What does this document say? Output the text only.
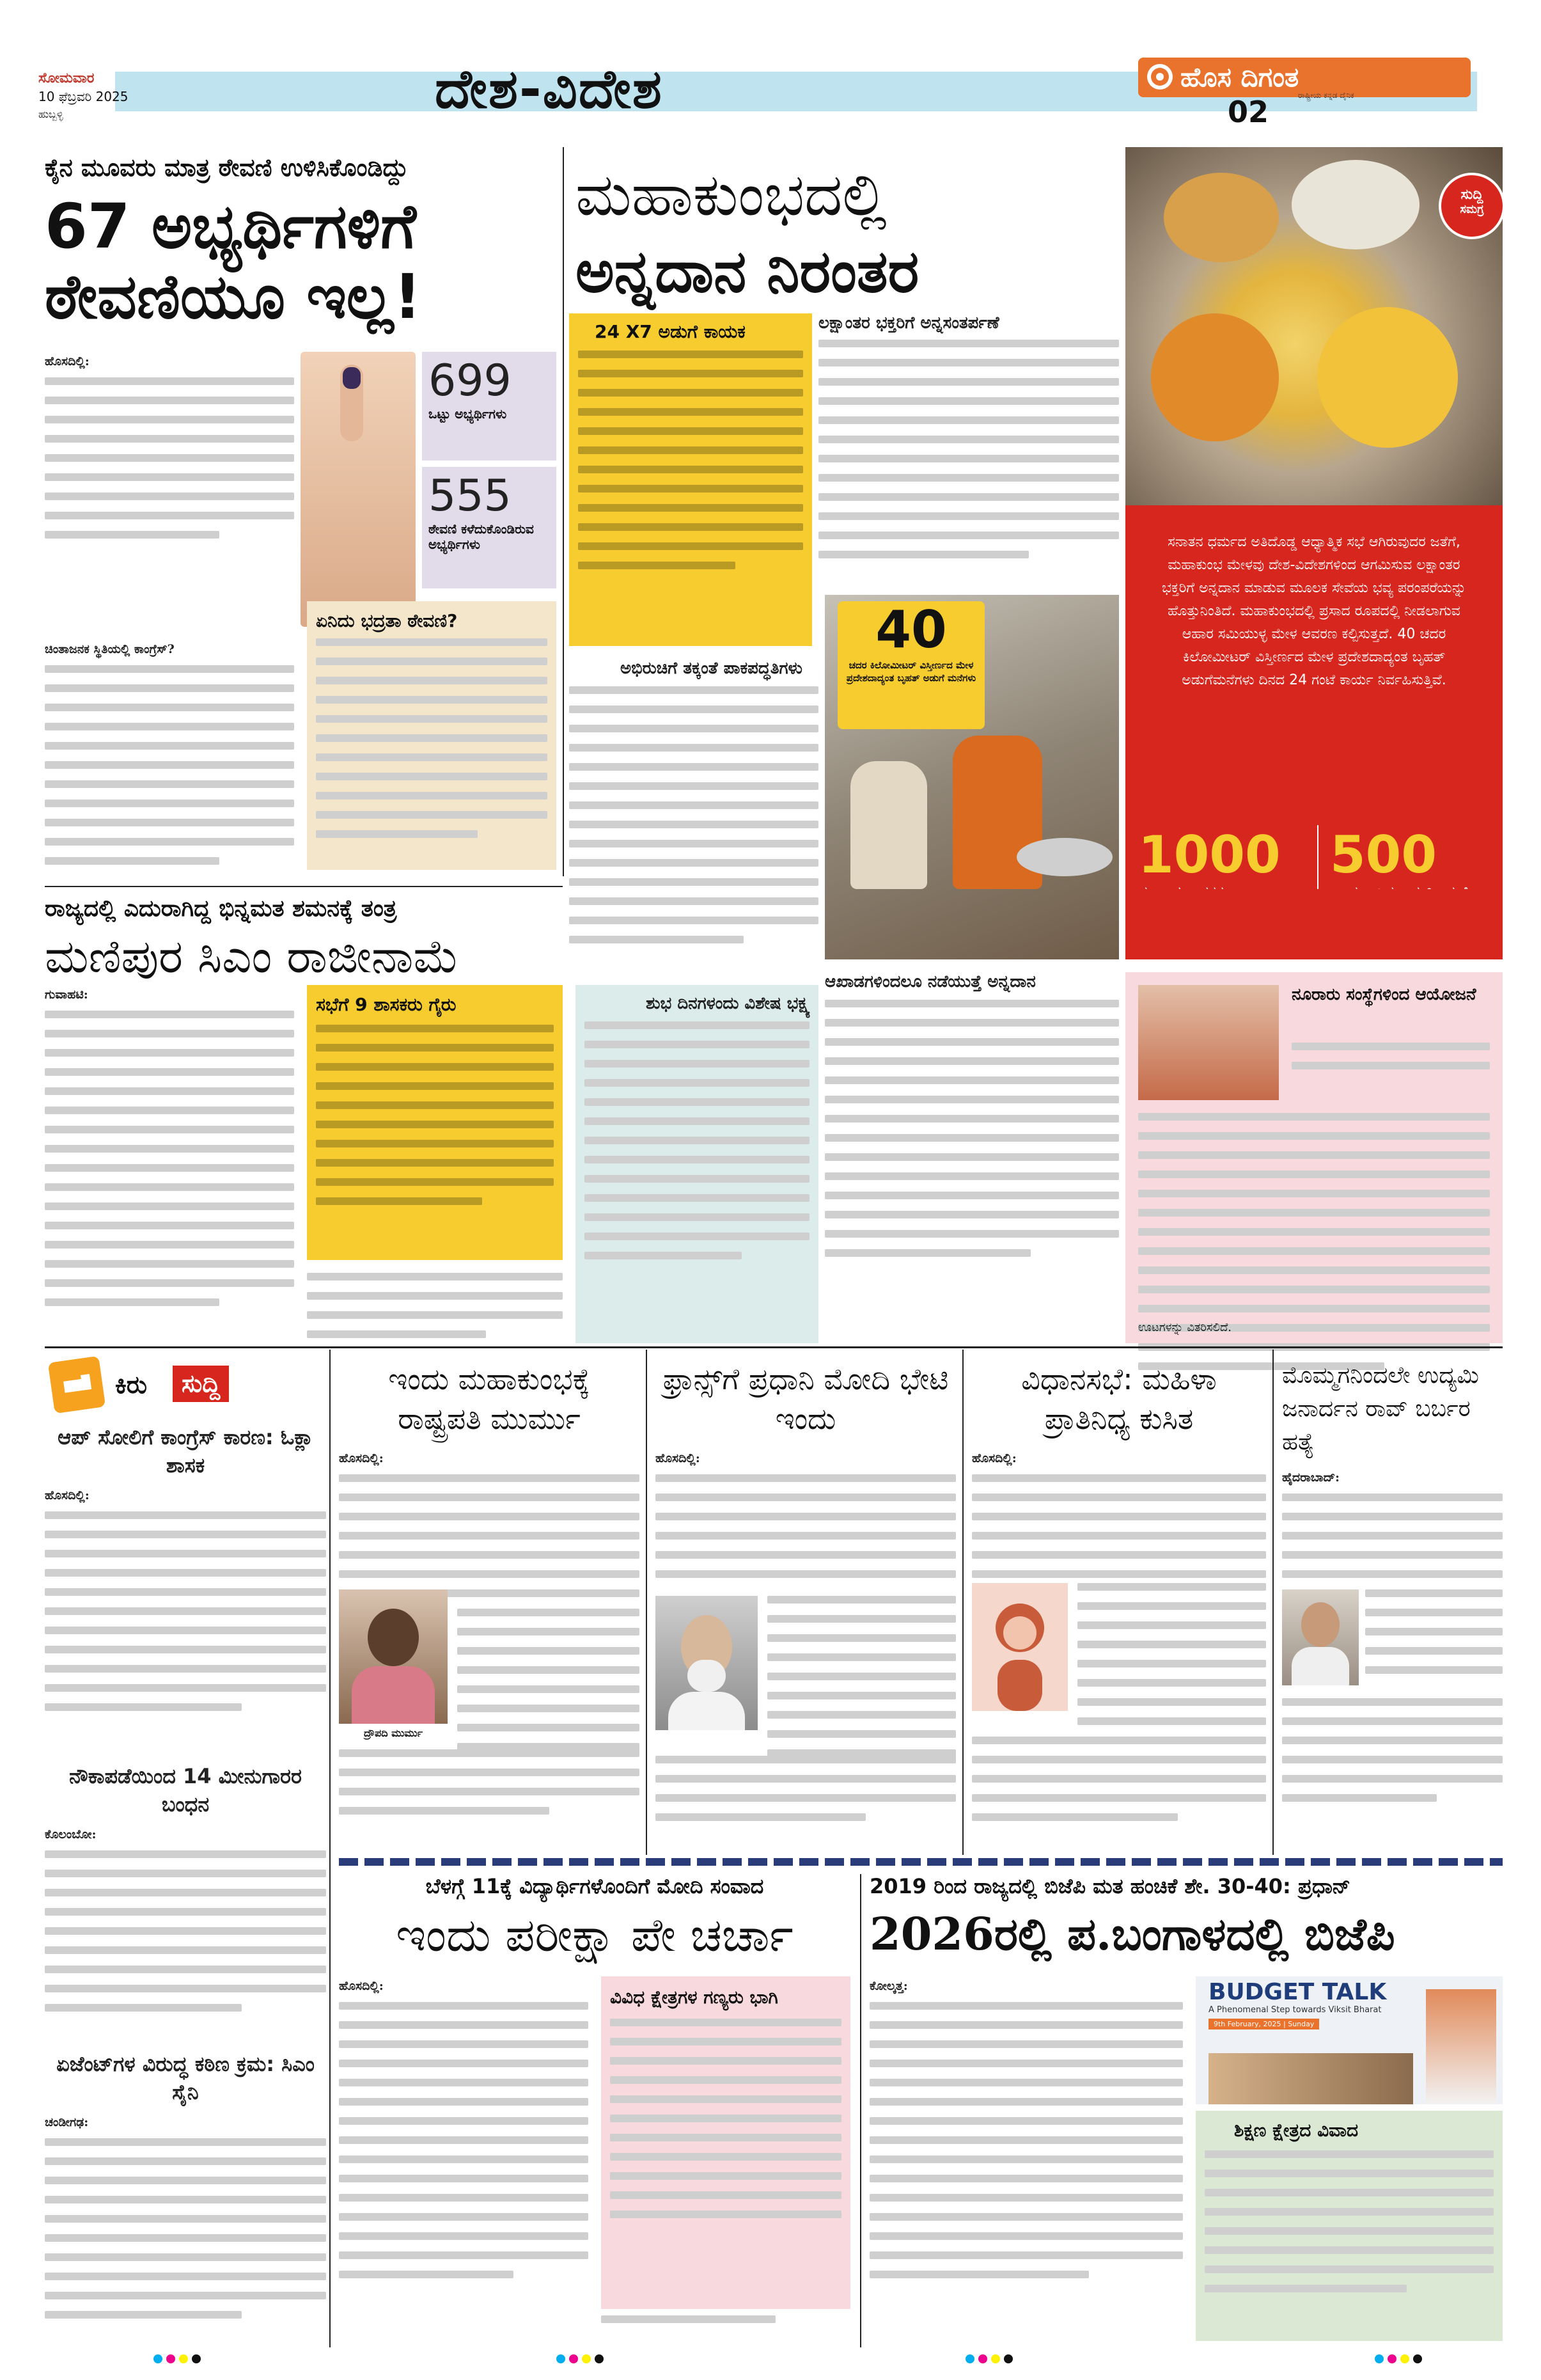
ಸೋಮವಾರ
10 ಫೆಬ್ರವರಿ 2025
ಹುಬ್ಬಳ್ಳಿ	ದೇಶ-ವಿದೇಶ	ಹೊಸ ದಿಗಂತ
ರಾಷ್ಟ್ರೀಯ ಕನ್ನಡ ದೈನಿಕ
02
ಕೈನ ಮೂವರು ಮಾತ್ರ ಠೇವಣಿ ಉಳಿಸಿಕೊಂಡಿದ್ದು
67 ಅಭ್ಯರ್ಥಿಗಳಿಗೆ
ಠೇವಣಿಯೂ ಇಲ್ಲ!
ಹೊಸದಿಲ್ಲಿ:	699
ಒಟ್ಟು ಅಭ್ಯರ್ಥಿಗಳು
555
ಠೇವಣಿ ಕಳೆದುಕೊಂಡಿರುವ ಅಭ್ಯರ್ಥಿಗಳು
ಚಿಂತಾಜನಕ ಸ್ಥಿತಿಯಲ್ಲಿ ಕಾಂಗ್ರೆಸ್?
ಏನಿದು ಭದ್ರತಾ ಠೇವಣಿ?
ಮಹಾಕುಂಭದಲ್ಲಿ
ಅನ್ನದಾನ ನಿರಂತರ
ಸುದ್ದಿ
ಸಮಗ್ರ
24 X7 ಅಡುಗೆ ಕಾಯಕ	ಲಕ್ಷಾಂತರ ಭಕ್ತರಿಗೆ ಅನ್ನಸಂತರ್ಪಣೆ
40
ಚದರ ಕಿಲೋಮೀಟರ್ ವಿಸ್ತೀರ್ಣದ ಮೇಳ ಪ್ರದೇಶದಾದ್ಯಂತ ಬೃಹತ್ ಅಡುಗೆ ಮನೆಗಳು
ಅಭಿರುಚಿಗೆ ತಕ್ಕಂತೆ ಪಾಕಪದ್ಧತಿಗಳು
ಸನಾತನ ಧರ್ಮದ ಅತಿದೊಡ್ಡ ಆಧ್ಯಾತ್ಮಿಕ ಸಭೆ ಆಗಿರುವುದರ ಜತೆಗೆ, ಮಹಾಕುಂಭ ಮೇಳವು ದೇಶ-ವಿದೇಶಗಳಿಂದ ಆಗಮಿಸುವ ಲಕ್ಷಾಂತರ ಭಕ್ತರಿಗೆ ಅನ್ನದಾನ ಮಾಡುವ ಮೂಲಕ ಸೇವೆಯ ಭವ್ಯ ಪರಂಪರೆಯನ್ನು ಹೊತ್ತುನಿಂತಿದೆ. ಮಹಾಕುಂಭದಲ್ಲಿ ಪ್ರಸಾದ ರೂಪದಲ್ಲಿ ನೀಡಲಾಗುವ ಆಹಾರ ಸಮಿಯುಳ್ಳ ಮೇಳ ಆವರಣ ಕಲ್ಪಿಸುತ್ತದೆ. 40 ಚದರ ಕಿಲೋಮೀಟರ್ ವಿಸ್ತೀರ್ಣದ ಮೇಳ ಪ್ರದೇಶದಾದ್ಯಂತ ಬೃಹತ್ ಅಡುಗೆಮನೆಗಳು ದಿನದ 24 ಗಂಟೆ ಕಾರ್ಯ ನಿರ್ವಹಿಸುತ್ತಿವೆ.
1000 500
ಶುಭ ದಿನಗಳಂದು ವಿಶೇಷ ಭಕ್ಷ್ಯ
ಆಖಾಡಗಳಿಂದಲೂ ನಡೆಯುತ್ತೆ ಅನ್ನದಾನ
ನೂರಾರು ಸಂಸ್ಥೆಗಳಿಂದ ಆಯೋಜನೆ
ಊಟಗಳನ್ನು ವಿತರಿಸಲಿದೆ.
ರಾಜ್ಯದಲ್ಲಿ ಎದುರಾಗಿದ್ದ ಭಿನ್ನಮತ ಶಮನಕ್ಕೆ ತಂತ್ರ
ಮಣಿಪುರ ಸಿಎಂ ರಾಜೀನಾಮೆ
ಗುವಾಹಟಿ:	ಸಭೆಗೆ 9 ಶಾಸಕರು ಗೈರು
ಕಿರು	ಸುದ್ದಿ
ಆಪ್ ಸೋಲಿಗೆ ಕಾಂಗ್ರೆಸ್ ಕಾರಣ: ಓಕ್ಲಾ ಶಾಸಕ
ಹೊಸದಿಲ್ಲಿ:
ನೌಕಾಪಡೆಯಿಂದ 14 ಮೀನುಗಾರರ ಬಂಧನ
ಕೊಲಂಬೋ:
ಏಜೆಂಟ್‌ಗಳ ವಿರುದ್ಧ ಕಠಿಣ ಕ್ರಮ: ಸಿಎಂ ಸೈನಿ
ಚಂಡೀಗಢ:
ಇಂದು ಮಹಾಕುಂಭಕ್ಕೆ ರಾಷ್ಟ್ರಪತಿ ಮುರ್ಮು
ಹೊಸದಿಲ್ಲಿ:
ದ್ರೌಪದಿ ಮುರ್ಮು
ಫ್ರಾನ್ಸ್‌ಗೆ ಪ್ರಧಾನಿ ಮೋದಿ ಭೇಟಿ ಇಂದು
ಹೊಸದಿಲ್ಲಿ:
ವಿಧಾನಸಭೆ: ಮಹಿಳಾ ಪ್ರಾತಿನಿಧ್ಯ ಕುಸಿತ
ಹೊಸದಿಲ್ಲಿ:
ಮೊಮ್ಮಗನಿಂದಲೇ ಉದ್ಯಮಿ ಜನಾರ್ದನ ರಾವ್ ಬರ್ಬರ ಹತ್ಯೆ
ಹೈದರಾಬಾದ್:
ಬೆಳಗ್ಗೆ 11ಕ್ಕೆ ವಿದ್ಯಾರ್ಥಿಗಳೊಂದಿಗೆ ಮೋದಿ ಸಂವಾದ
ಇಂದು ಪರೀಕ್ಷಾ ಪೇ ಚರ್ಚಾ
ಹೊಸದಿಲ್ಲಿ:
ವಿವಿಧ ಕ್ಷೇತ್ರಗಳ ಗಣ್ಯರು ಭಾಗಿ
2019 ರಿಂದ ರಾಜ್ಯದಲ್ಲಿ ಬಿಜೆಪಿ ಮತ ಹಂಚಿಕೆ ಶೇ. 30-40: ಪ್ರಧಾನ್
2026ರಲ್ಲಿ ಪ.ಬಂಗಾಳದಲ್ಲಿ ಬಿಜೆಪಿ
ಕೋಲ್ಕತ್ತ:	BUDGET TALK
A Phenomenal Step towards Viksit Bharat
9th February, 2025 | Sunday
ಶಿಕ್ಷಣ ಕ್ಷೇತ್ರದ ವಿವಾದ
